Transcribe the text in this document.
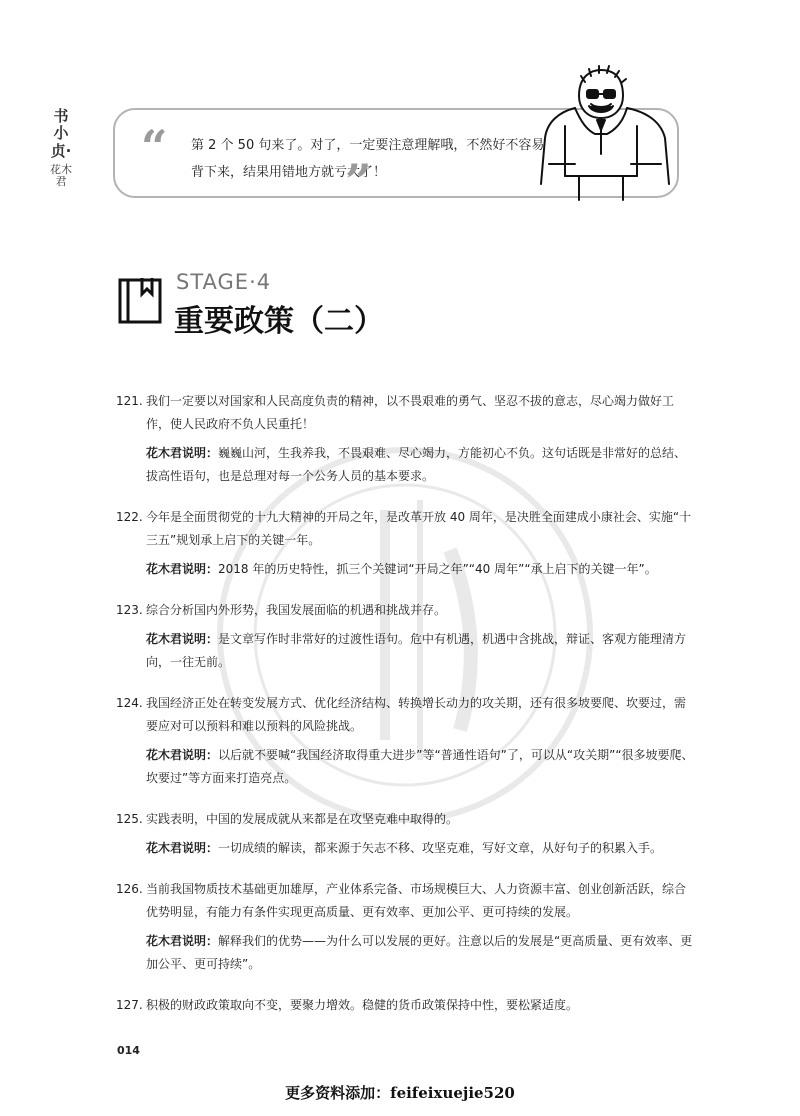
书小贞·
花木君
“ 第 2 个 50 句来了。对了，一定要注意理解哦，不然好不容易背下来，结果用错地方就亏大了！
”
STAGE·4
重要政策（二）
121. 我们一定要以对国家和人民高度负责的精神，以不畏艰难的勇气、坚忍不拔的意志，尽心竭力做好工作，使人民政府不负人民重托！
花木君说明：巍巍山河，生我养我，不畏艰难、尽心竭力，方能初心不负。这句话既是非常好的总结、拔高性语句，也是总理对每一个公务人员的基本要求。
122. 今年是全面贯彻党的十九大精神的开局之年，是改革开放 40 周年，是决胜全面建成小康社会、实施“十三五”规划承上启下的关键一年。
花木君说明：2018 年的历史特性，抓三个关键词“开局之年”“40 周年”“承上启下的关键一年”。
123. 综合分析国内外形势，我国发展面临的机遇和挑战并存。
花木君说明：是文章写作时非常好的过渡性语句。危中有机遇，机遇中含挑战，辩证、客观方能理清方向，一往无前。
124. 我国经济正处在转变发展方式、优化经济结构、转换增长动力的攻关期，还有很多坡要爬、坎要过，需要应对可以预料和难以预料的风险挑战。
花木君说明：以后就不要喊“我国经济取得重大进步”等“普通性语句”了，可以从“攻关期”“很多坡要爬、坎要过”等方面来打造亮点。
125. 实践表明，中国的发展成就从来都是在攻坚克难中取得的。
花木君说明：一切成绩的解读，都来源于矢志不移、攻坚克难，写好文章，从好句子的积累入手。
126. 当前我国物质技术基础更加雄厚，产业体系完备、市场规模巨大、人力资源丰富、创业创新活跃，综合优势明显，有能力有条件实现更高质量、更有效率、更加公平、更可持续的发展。
花木君说明：解释我们的优势——为什么可以发展的更好。注意以后的发展是“更高质量、更有效率、更加公平、更可持续”。
127. 积极的财政政策取向不变，要聚力增效。稳健的货币政策保持中性，要松紧适度。
014
更多资料添加：feifeixuejie520
